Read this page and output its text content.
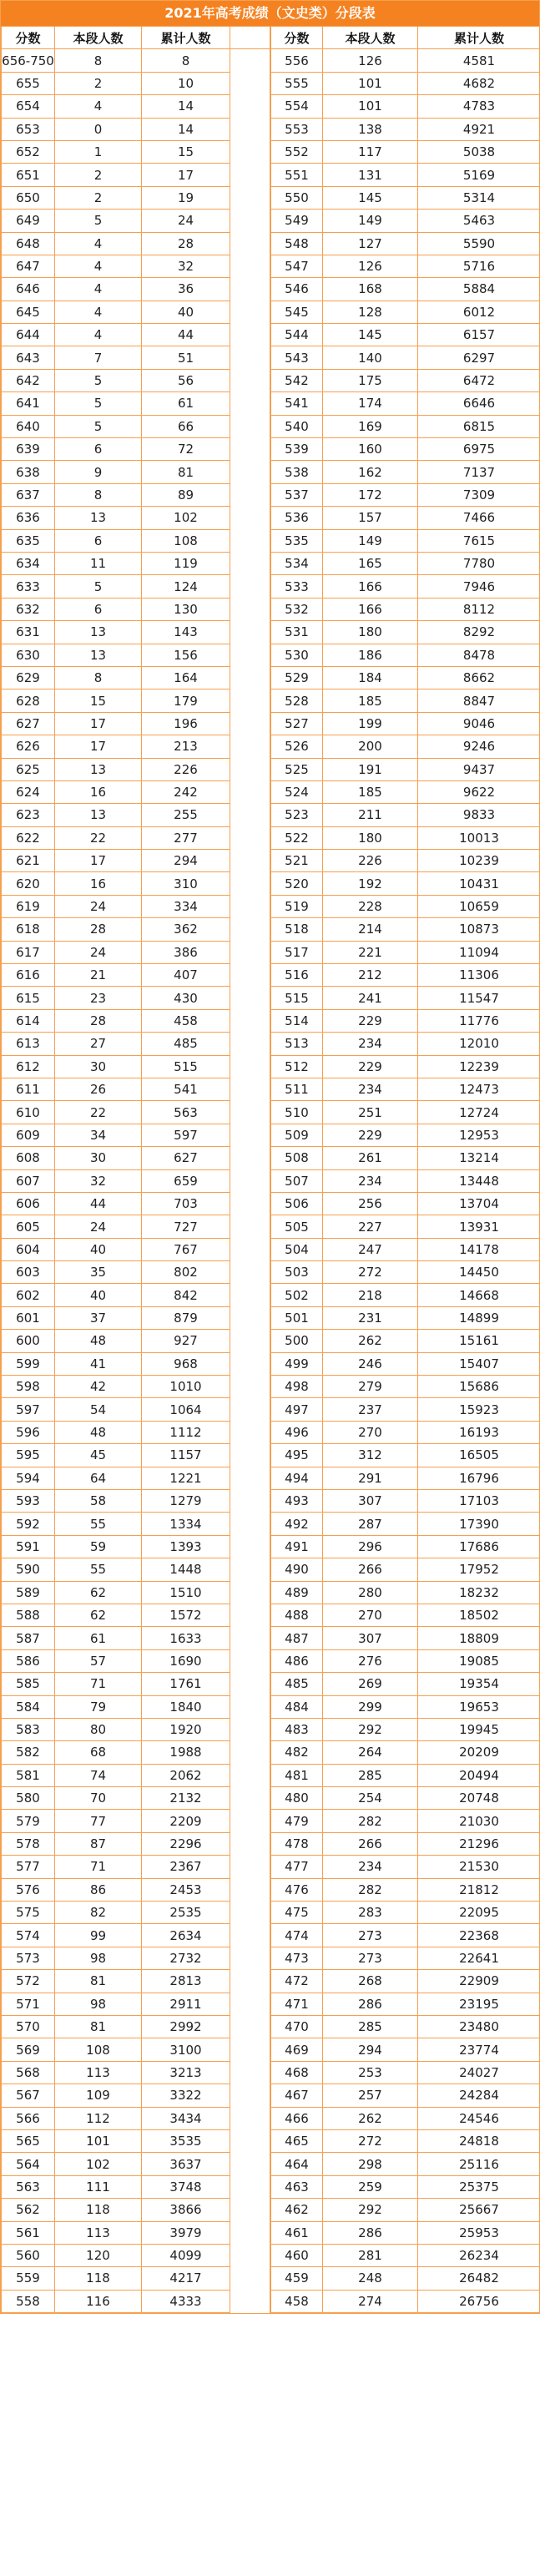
2021年高考成绩（文史类）分段表
分数	本段人数	累计人数	
656-750	8	8	
655	2	10	
654	4	14	
653	0	14	
652	1	15	
651	2	17	
650	2	19	
649	5	24	
648	4	28	
647	4	32	
646	4	36	
645	4	40	
644	4	44	
643	7	51	
642	5	56	
641	5	61	
640	5	66	
639	6	72	
638	9	81	
637	8	89	
636	13	102	
635	6	108	
634	11	119	
633	5	124	
632	6	130	
631	13	143	
630	13	156	
629	8	164	
628	15	179	
627	17	196	
626	17	213	
625	13	226	
624	16	242	
623	13	255	
622	22	277	
621	17	294	
620	16	310	
619	24	334	
618	28	362	
617	24	386	
616	21	407	
615	23	430	
614	28	458	
613	27	485	
612	30	515	
611	26	541	
610	22	563	
609	34	597	
608	30	627	
607	32	659	
606	44	703	
605	24	727	
604	40	767	
603	35	802	
602	40	842	
601	37	879	
600	48	927	
599	41	968	
598	42	1010	
597	54	1064	
596	48	1112	
595	45	1157	
594	64	1221	
593	58	1279	
592	55	1334	
591	59	1393	
590	55	1448	
589	62	1510	
588	62	1572	
587	61	1633	
586	57	1690	
585	71	1761	
584	79	1840	
583	80	1920	
582	68	1988	
581	74	2062	
580	70	2132	
579	77	2209	
578	87	2296	
577	71	2367	
576	86	2453	
575	82	2535	
574	99	2634	
573	98	2732	
572	81	2813	
571	98	2911	
570	81	2992	
569	108	3100	
568	113	3213	
567	109	3322	
566	112	3434	
565	101	3535	
564	102	3637	
563	111	3748	
562	118	3866	
561	113	3979	
560	120	4099	
559	118	4217	
558	116	4333	
分数	本段人数	累计人数
556	126	4581
555	101	4682
554	101	4783
553	138	4921
552	117	5038
551	131	5169
550	145	5314
549	149	5463
548	127	5590
547	126	5716
546	168	5884
545	128	6012
544	145	6157
543	140	6297
542	175	6472
541	174	6646
540	169	6815
539	160	6975
538	162	7137
537	172	7309
536	157	7466
535	149	7615
534	165	7780
533	166	7946
532	166	8112
531	180	8292
530	186	8478
529	184	8662
528	185	8847
527	199	9046
526	200	9246
525	191	9437
524	185	9622
523	211	9833
522	180	10013
521	226	10239
520	192	10431
519	228	10659
518	214	10873
517	221	11094
516	212	11306
515	241	11547
514	229	11776
513	234	12010
512	229	12239
511	234	12473
510	251	12724
509	229	12953
508	261	13214
507	234	13448
506	256	13704
505	227	13931
504	247	14178
503	272	14450
502	218	14668
501	231	14899
500	262	15161
499	246	15407
498	279	15686
497	237	15923
496	270	16193
495	312	16505
494	291	16796
493	307	17103
492	287	17390
491	296	17686
490	266	17952
489	280	18232
488	270	18502
487	307	18809
486	276	19085
485	269	19354
484	299	19653
483	292	19945
482	264	20209
481	285	20494
480	254	20748
479	282	21030
478	266	21296
477	234	21530
476	282	21812
475	283	22095
474	273	22368
473	273	22641
472	268	22909
471	286	23195
470	285	23480
469	294	23774
468	253	24027
467	257	24284
466	262	24546
465	272	24818
464	298	25116
463	259	25375
462	292	25667
461	286	25953
460	281	26234
459	248	26482
458	274	26756
